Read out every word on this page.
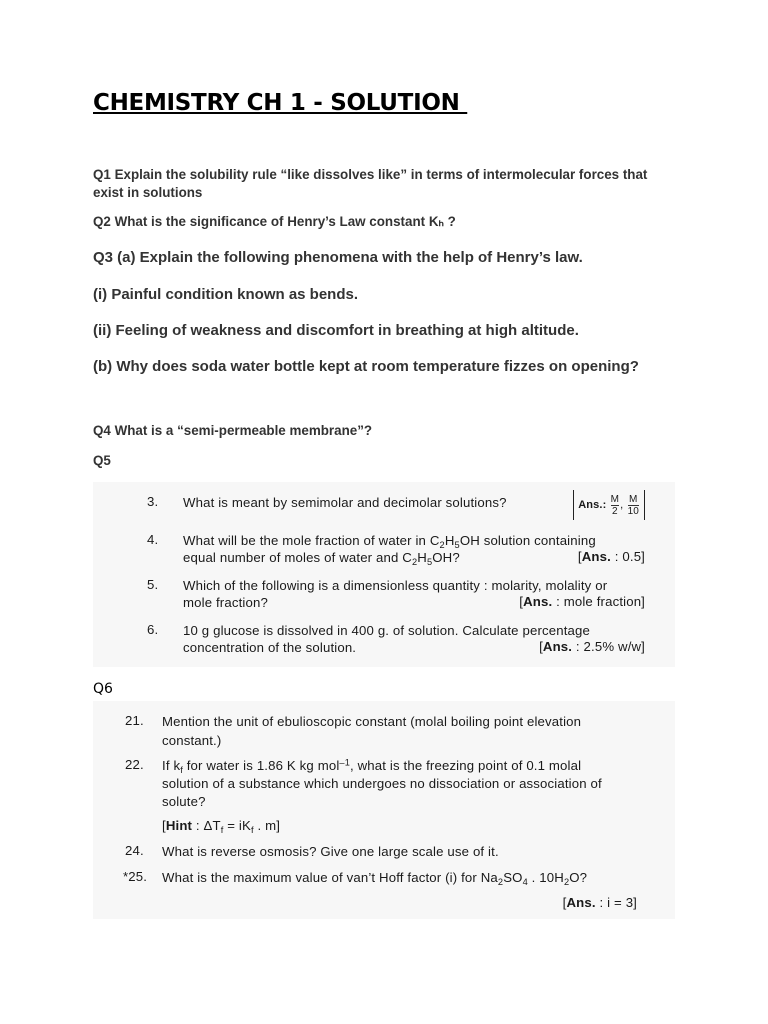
CHEMISTRY CH 1 - SOLUTION
Q1 Explain the solubility rule “like dissolves like” in terms of intermolecular forces that exist in solutions
Q2 What is the significance of Henry’s Law constant Kₕ ?
Q3 (a) Explain the following phenomena with the help of Henry’s law.
(i) Painful condition known as bends.
(ii) Feeling of weakness and discomfort in breathing at high altitude.
(b) Why does soda water bottle kept at room temperature fizzes on opening?
Q4 What is a “semi-permeable membrane”?
Q5
3. What is meant by semimolar and decimolar solutions?	Ans.:
$\frac{M}{2}$ , $\frac{M}{10}$
4. What will be the mole fraction of water in $C_2H_5OH$ solution containing
equal number of moles of water and $C_2H_5OH$?	[Ans. : 0.5]
5. Which of the following is a dimensionless quantity : molarity, molality or
mole fraction?	[Ans. : mole fraction]
6. 10 g glucose is dissolved in 400 g. of solution. Calculate percentage
concentration of the solution.	[Ans. : 2.5% w/w]
Q6
21. Mention the unit of ebulioscopic constant (molal boiling point elevation
constant.)
22. If $k_f$ for water is 1.86 K kg mol$^{-1}$, what is the freezing point of 0.1 molal
solution of a substance which undergoes no dissociation or association of
solute?
[Hint : $\Delta T_f = iK_f$ . m]
24. What is reverse osmosis? Give one large scale use of it.
*25. What is the maximum value of van’t Hoff factor (i) for $Na_2SO_4$ . $10H_2O$?
[Ans. : i = 3]
